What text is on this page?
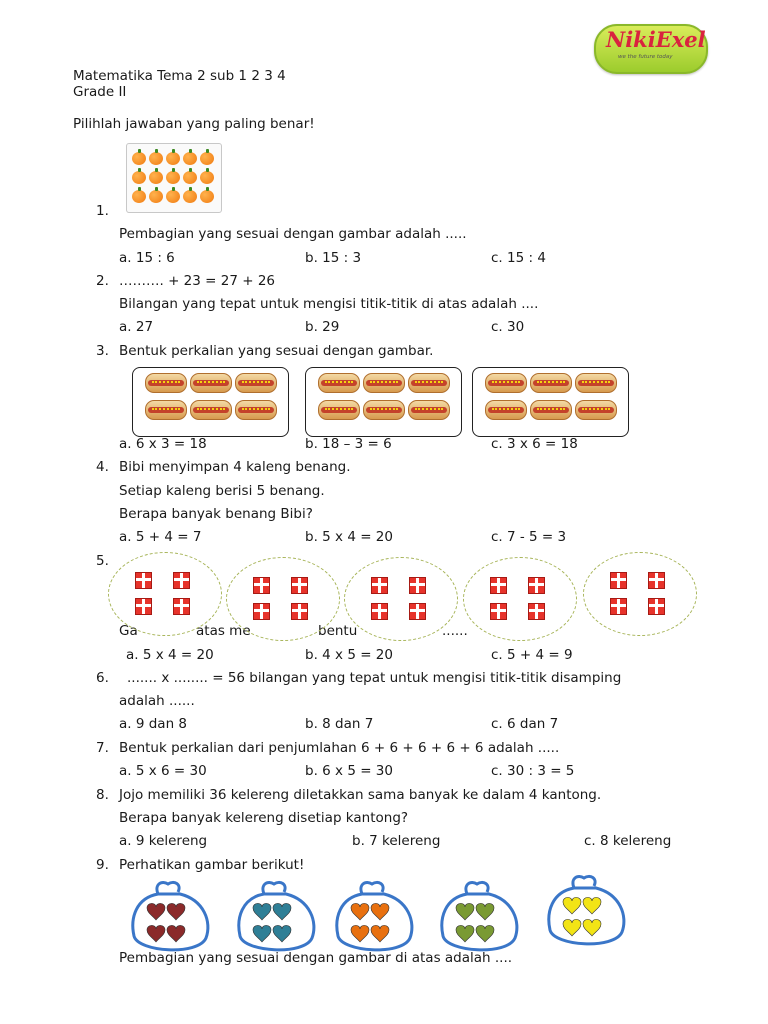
NikiExel
we the future today
Matematika Tema 2 sub 1 2 3 4
Grade II
Pilihlah jawaban yang paling benar!
1.
Pembagian yang sesuai dengan gambar adalah .....
a. 15 : 6	b. 15 : 3	c. 15 : 4
2. ………. + 23 = 27 + 26
Bilangan yang tepat untuk mengisi titik-titik di atas adalah ....
a. 27	b. 29	c. 30
3. Bentuk perkalian yang sesuai dengan gambar.
a. 6 x 3 = 18	b. 18 – 3 = 6	c. 3 x 6 = 18
4. Bibi menyimpan 4 kaleng benang.
Setiap kaleng berisi 5 benang.
Berapa banyak benang Bibi?
a. 5 + 4 = 7	b. 5 x 4 = 20	c. 7 - 5 = 3
5.
Ga	atas me	bentu	......
a. 5 x 4 = 20	b. 4 x 5 = 20	c. 5 + 4 = 9
6. ....... x ........ = 56 bilangan yang tepat untuk mengisi titik-titik disamping
adalah ......
a. 9 dan 8	b. 8 dan 7	c. 6 dan 7
7. Bentuk perkalian dari penjumlahan 6 + 6 + 6 + 6 + 6 adalah .....
a. 5 x 6 = 30	b. 6 x 5 = 30	c. 30 : 3 = 5
8. Jojo memiliki 36 kelereng diletakkan sama banyak ke dalam 4 kantong.
Berapa banyak kelereng disetiap kantong?
a. 9 kelereng	b. 7 kelereng	c. 8 kelereng
9. Perhatikan gambar berikut!
Pembagian yang sesuai dengan gambar di atas adalah ....
